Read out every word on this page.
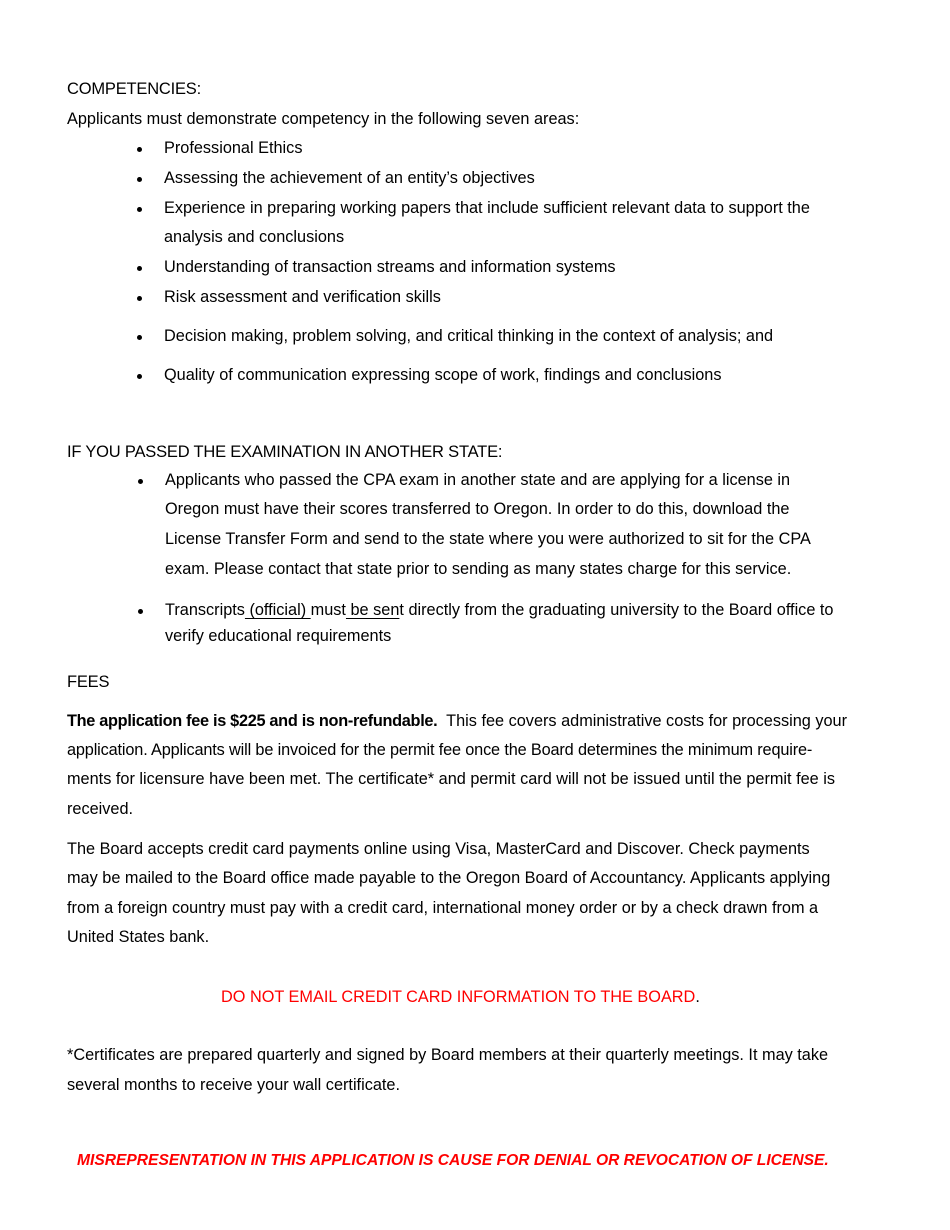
COMPETENCIES:
Applicants must demonstrate competency in the following seven areas:
Professional Ethics
Assessing the achievement of an entity’s objectives
Experience in preparing working papers that include sufficient relevant data to support the
analysis and conclusions
Understanding of transaction streams and information systems
Risk assessment and verification skills
Decision making, problem solving, and critical thinking in the context of analysis; and
Quality of communication expressing scope of work, findings and conclusions
IF YOU PASSED THE EXAMINATION IN ANOTHER STATE:
Applicants who passed the CPA exam in another state and are applying for a license in
Oregon must have their scores transferred to Oregon. In order to do this, download the
License Transfer Form and send to the state where you were authorized to sit for the CPA
exam. Please contact that state prior to sending as many states charge for this service.
Transcripts (official) must be sent directly from the graduating university to the Board office to
verify educational requirements
FEES
The application fee is $225 and is non-refundable.  This fee covers administrative costs for processing your
application. Applicants will be invoiced for the permit fee once the Board determines the minimum require-
ments for licensure have been met. The certificate* and permit card will not be issued until the permit fee is
received.
The Board accepts credit card payments online using Visa, MasterCard and Discover. Check payments
may be mailed to the Board office made payable to the Oregon Board of Accountancy. Applicants applying
from a foreign country must pay with a credit card, international money order or by a check drawn from a
United States bank.
DO NOT EMAIL CREDIT CARD INFORMATION TO THE BOARD.
*Certificates are prepared quarterly and signed by Board members at their quarterly meetings. It may take
several months to receive your wall certificate.
MISREPRESENTATION IN THIS APPLICATION IS CAUSE FOR DENIAL OR REVOCATION OF LICENSE.
